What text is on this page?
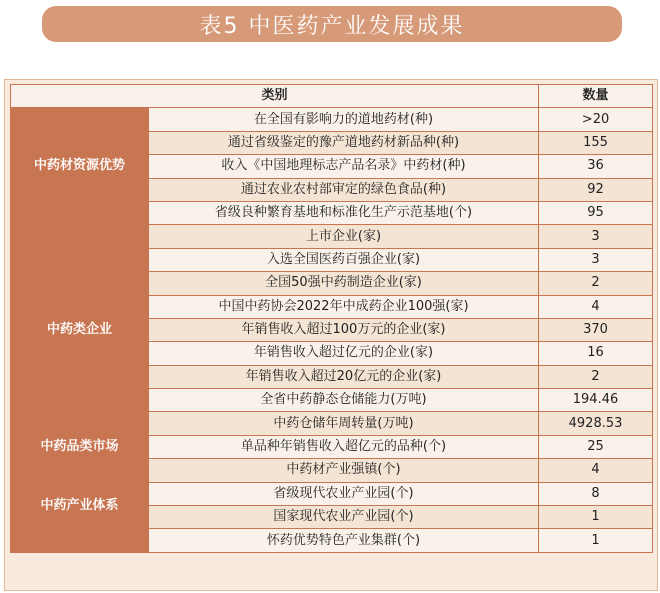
表5 中医药产业发展成果
类别		数量
中药材资源优势	在全国有影响力的道地药材(种)	>20
	通过省级鉴定的豫产道地药材新品种(种)	155
	收入《中国地理标志产品名录》中药材(种)	36
	通过农业农村部审定的绿色食品(种)	92
	省级良种繁育基地和标准化生产示范基地(个)	95
中药类企业	上市企业(家)	3
	入选全国医药百强企业(家)	3
	全国50强中药制造企业(家)	2
	中国中药协会2022年中成药企业100强(家)	4
	年销售收入超过100万元的企业(家)	370
	年销售收入超过亿元的企业(家)	16
	年销售收入超过20亿元的企业(家)	2
	全省中药静态仓储能力(万吨)	194.46
	中药仓储年周转量(万吨)	4928.53
中药品类市场	单品种年销售收入超亿元的品种(个)	25
中药产业体系	中药材产业强镇(个)	4
	省级现代农业产业园(个)	8
	国家现代农业产业园(个)	1
	怀药优势特色产业集群(个)	1
